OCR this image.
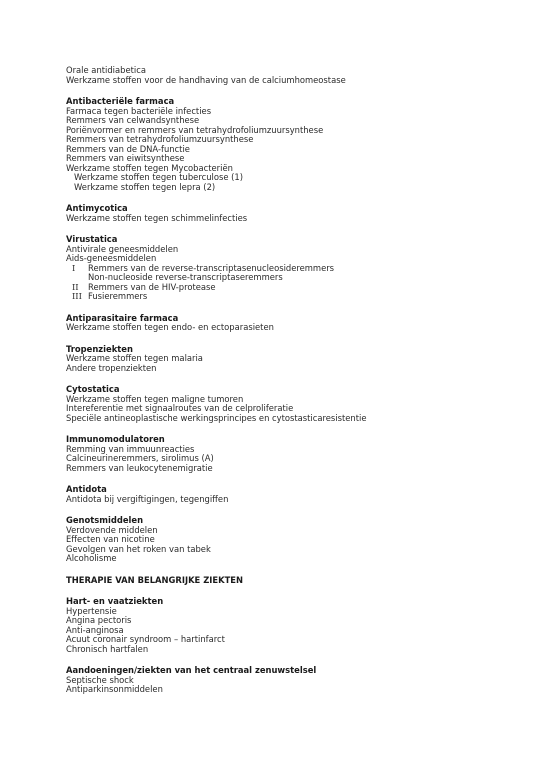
Orale antidiabetica
Werkzame stoffen voor de handhaving van de calciumhomeostase
Antibacteriële farmaca
Farmaca tegen bacteriële infecties
Remmers van celwandsynthese
Poriënvormer en remmers van tetrahydrofoliumzuursynthese
Remmers van tetrahydrofoliumzuursynthese
Remmers van de DNA-functie
Remmers van eiwitsynthese
Werkzame stoffen tegen Mycobacteriën
Werkzame stoffen tegen tuberculose (1)
Werkzame stoffen tegen lepra (2)
Antimycotica
Werkzame stoffen tegen schimmelinfecties
Virustatica
Antivirale geneesmiddelen
Aids-geneesmiddelen
I Remmers van de reverse-transcriptasenucleosideremmers
Non-nucleoside reverse-transcriptaseremmers
II Remmers van de HIV-protease
III Fusieremmers
Antiparasitaire farmaca
Werkzame stoffen tegen endo- en ectoparasieten
Tropenziekten
Werkzame stoffen tegen malaria
Andere tropenziekten
Cytostatica
Werkzame stoffen tegen maligne tumoren
Intereferentie met signaalroutes van de celproliferatie
Speciële antineoplastische werkingsprincipes en cytostasticaresistentie
Immunomodulatoren
Remming van immuunreacties
Calcineurineremmers, sirolimus (A)
Remmers van leukocytenemigratie
Antidota
Antidota bij vergiftigingen, tegengiffen
Genotsmiddelen
Verdovende middelen
Effecten van nicotine
Gevolgen van het roken van tabek
Alcoholisme
THERAPIE VAN BELANGRIJKE ZIEKTEN
Hart- en vaatziekten
Hypertensie
Angina pectoris
Anti-anginosa
Acuut coronair syndroom – hartinfarct
Chronisch hartfalen
Aandoeningen/ziekten van het centraal zenuwstelsel
Septische shock
Antiparkinsonmiddelen
